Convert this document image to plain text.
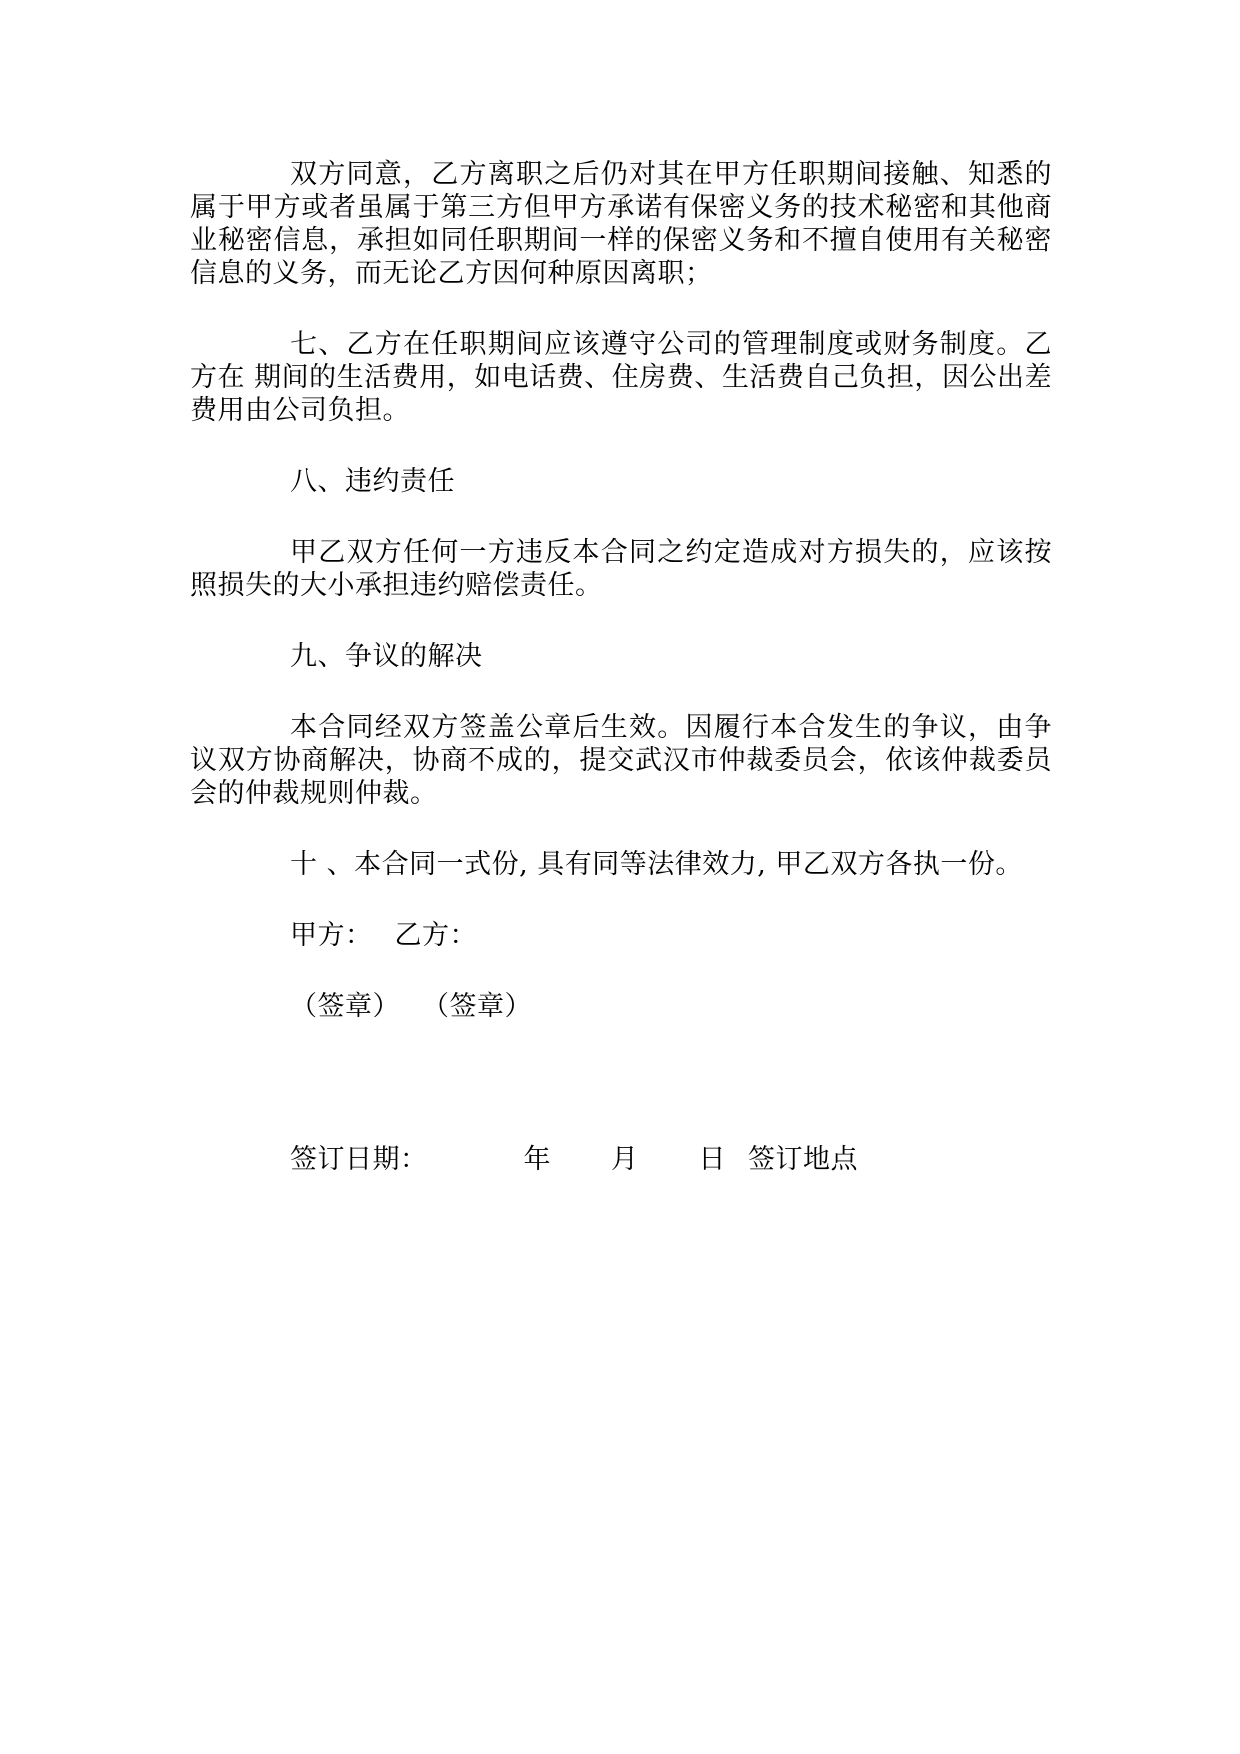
双方同意，乙方离职之后仍对其在甲方任职期间接触、知悉的属于甲方或者虽属于第三方但甲方承诺有保密义务的技术秘密和其他商业秘密信息，承担如同任职期间一样的保密义务和不擅自使用有关秘密信息的义务，而无论乙方因何种原因离职；

七、乙方在任职期间应该遵守公司的管理制度或财务制度。乙方在 期间的生活费用，如电话费、住房费、生活费自己负担，因公出差费用由公司负担。

八、违约责任

甲乙双方任何一方违反本合同之约定造成对方损失的，应该按照损失的大小承担违约赔偿责任。

九、争议的解决

本合同经双方签盖公章后生效。因履行本合发生的争议，由争议双方协商解决，协商不成的，提交武汉市仲裁委员会，依该仲裁委员会的仲裁规则仲裁。

十 、本合同一式份, 具有同等法律效力, 甲乙双方各执一份。

甲方： 乙方：

（签章） （签章）

签订日期：	年 月 日 签订地点
